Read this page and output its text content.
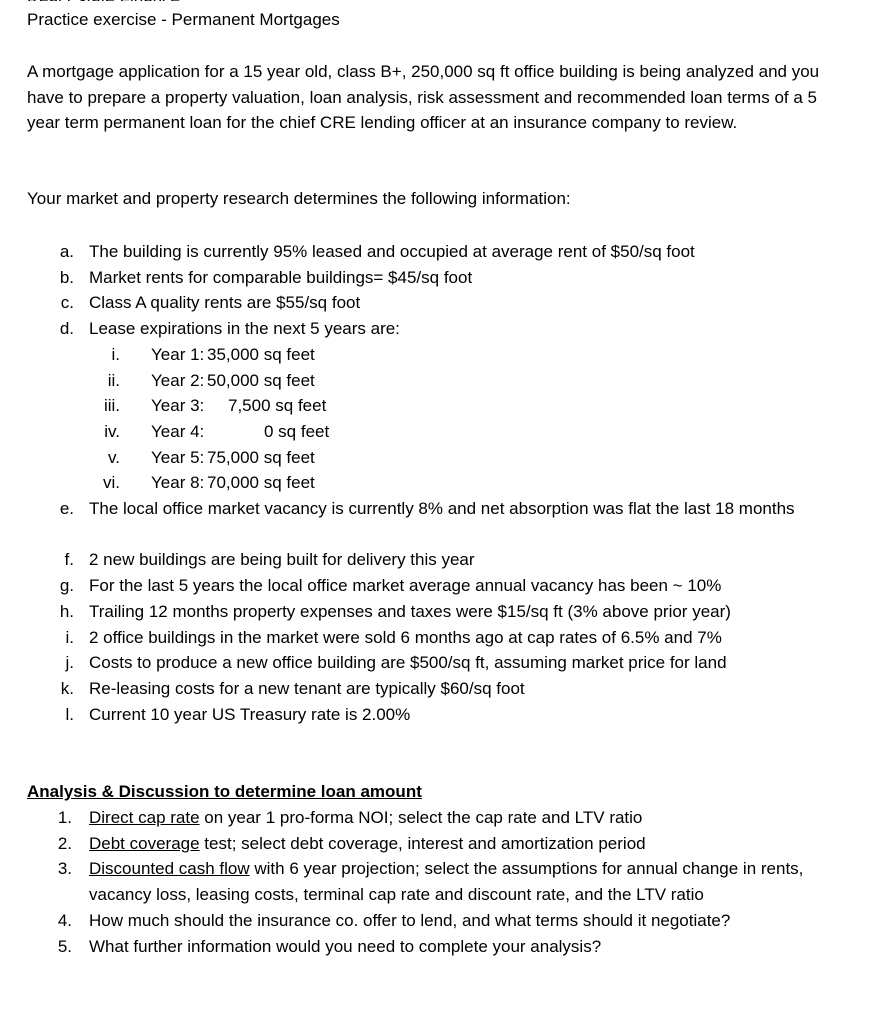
Practice exercise - Permanent Mortgages
A mortgage application for a 15 year old, class B+, 250,000 sq ft office building is being analyzed and you have to prepare a property valuation, loan analysis, risk assessment and recommended loan terms of a 5 year term permanent loan for the chief CRE lending officer at an insurance company to review.
Your market and property research determines the following information:
a. The building is currently 95% leased and occupied at average rent of $50/sq foot
b. Market rents for comparable buildings= $45/sq foot
c. Class A quality rents are $55/sq foot
d. Lease expirations in the next 5 years are:
i. Year 1: 35,000 sq feet
ii. Year 2: 50,000 sq feet
iii. Year 3: 7,500 sq feet
iv. Year 4:	0 sq feet
v. Year 5: 75,000 sq feet
vi. Year 8: 70,000 sq feet
e. The local office market vacancy is currently 8% and net absorption was flat the last 18 months
f. 2 new buildings are being built for delivery this year
g. For the last 5 years the local office market average annual vacancy has been ~ 10%
h. Trailing 12 months property expenses and taxes were $15/sq ft (3% above prior year)
i. 2 office buildings in the market were sold 6 months ago at cap rates of 6.5% and 7%
j. Costs to produce a new office building are $500/sq ft, assuming market price for land
k. Re-leasing costs for a new tenant are typically $60/sq foot
l. Current 10 year US Treasury rate is 2.00%
Analysis & Discussion to determine loan amount
1. Direct cap rate on year 1 pro-forma NOI; select the cap rate and LTV ratio
2. Debt coverage test; select debt coverage, interest and amortization period
3. Discounted cash flow with 6 year projection; select the assumptions for annual change in rents, vacancy loss, leasing costs, terminal cap rate and discount rate, and the LTV ratio
4. How much should the insurance co. offer to lend, and what terms should it negotiate?
5. What further information would you need to complete your analysis?
